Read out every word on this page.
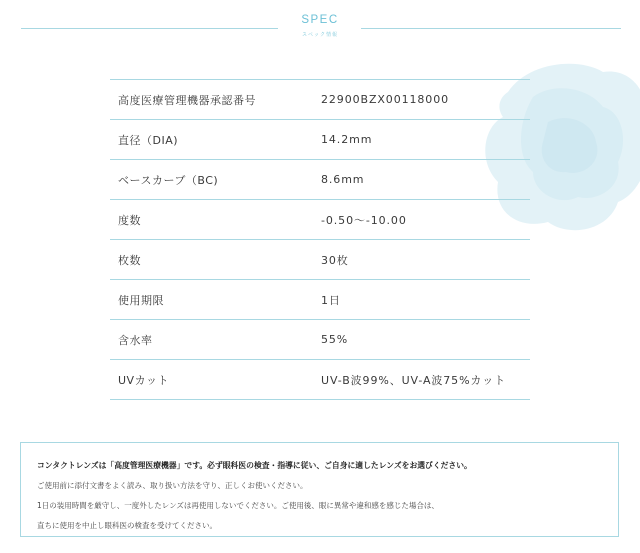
SPEC
スペック情報
高度医療管理機器承認番号	22900BZX00118000
直径（DIA)	14.2mm
ベースカーブ（BC)	8.6mm
度数	-0.50〜-10.00
枚数	30枚
使用期限	1日
含水率	55%
UVカット	UV-B波99%、UV-A波75%カット

コンタクトレンズは「高度管理医療機器」です。必ず眼科医の検査・指導に従い、ご自身に適したレンズをお選びください。

ご使用前に添付文書をよく読み、取り扱い方法を守り、正しくお使いください。

1日の装用時間を厳守し、一度外したレンズは再使用しないでください。ご使用後、眼に異常や違和感を感じた場合は、

直ちに使用を中止し眼科医の検査を受けてください。
